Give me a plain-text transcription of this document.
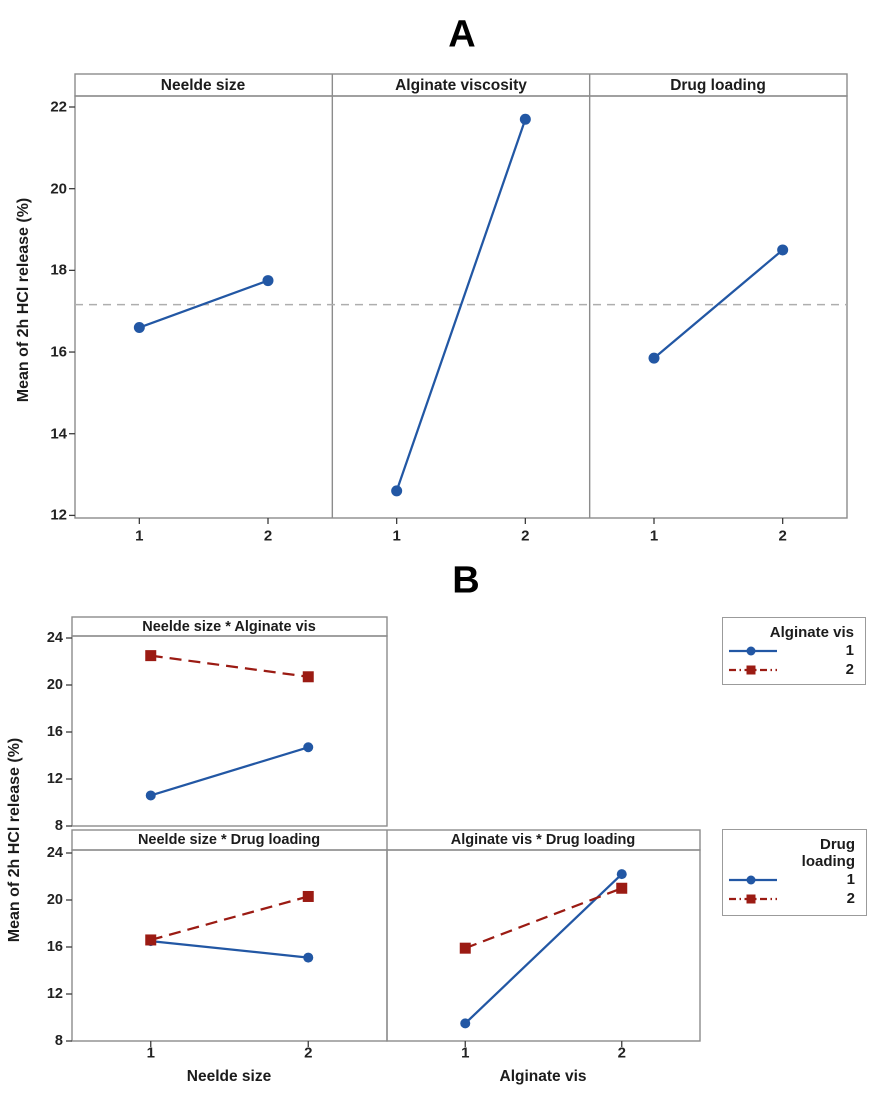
A
Neelde size	Alginate viscosity	Drug loading
Mean of 2h HCl release (%)
B
Neelde size * Alginate vis
Neelde size * Drug loading	Alginate vis * Drug loading
Mean of 2h HCl release (%)
Neelde size	Alginate vis
Alginate vis
1
2
Drug
loading
1
2
12
14
16
18
20
22
1	2	1	2	1	2
8
12
16
20
24
8
12
16
20
24
1	2	1	2
